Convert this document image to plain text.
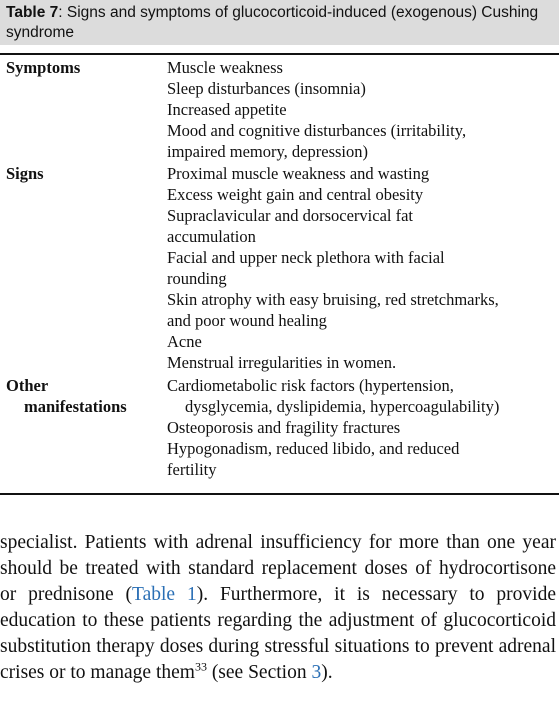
Table 7: Signs and symptoms of glucocorticoid-induced (exogenous) Cushing syndrome
Symptoms	Muscle weakness
Sleep disturbances (insomnia)
Increased appetite
Mood and cognitive disturbances (irritability,
impaired memory, depression)
Signs	Proximal muscle weakness and wasting
Excess weight gain and central obesity
Supraclavicular and dorsocervical fat
accumulation
Facial and upper neck plethora with facial
rounding
Skin atrophy with easy bruising, red stretchmarks,
and poor wound healing
Acne
Menstrual irregularities in women.
Other
manifestations
Cardiometabolic risk factors (hypertension,
dysglycemia, dyslipidemia, hypercoagulability)
Osteoporosis and fragility fractures
Hypogonadism, reduced libido, and reduced
fertility

specialist. Patients with adrenal insufficiency for more than one year should be treated with standard replacement doses of hydrocortisone or prednisone (Table 1). Furthermore, it is necessary to provide education to these patients regarding the adjustment of glucocorticoid substitution therapy doses during stressful situations to prevent adrenal crises or to manage them$^{33}$ (see Section 3).
